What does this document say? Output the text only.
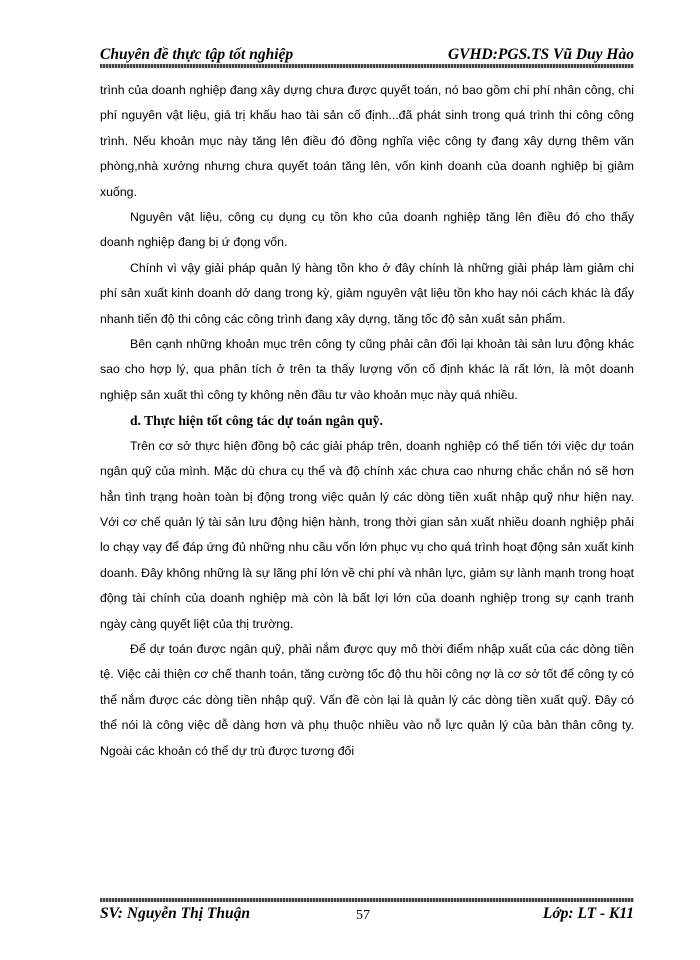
Chuyên đề thực tập tốt nghiệp	GVHD:PGS.TS Vũ Duy Hào

trình của doanh nghiệp đang xây dựng chưa được quyết toán, nó bao gồm chi phí nhân công, chi phí nguyên vật liệu, giá trị khấu hao tài sản cố định...đã phát sinh trong quá trình thi công công trình. Nếu khoản mục này tăng lên điều đó đồng nghĩa việc công ty đang xây dựng thêm văn phòng,nhà xưởng nhưng chưa quyết toán tăng lên, vốn kinh doanh của doanh nghiệp bị giảm xuống.

Nguyên vật liệu, công cụ dụng cụ tồn kho của doanh nghiệp tăng lên điều đó cho thấy doanh nghiệp đang bị ứ đọng vốn.

Chính vì vậy giải pháp quản lý hàng tồn kho ở đây chính là những giải pháp làm giảm chi phí sản xuất kinh doanh dở dang trong kỳ, giảm nguyên vật liệu tồn kho hay nói cách khác là đẩy nhanh tiến độ thi công các công trình đang xây dựng, tăng tốc độ sản xuất sản phẩm.

Bên cạnh những khoản mục trên công ty cũng phải cân đối lại khoản tài sản lưu động khác sao cho hợp lý, qua phân tích ở trên ta thấy lượng vốn cố định khác là rất lớn, là một doanh nghiệp sản xuất thì công ty không nên đầu tư vào khoản mục này quá nhiều.

d. Thực hiện tốt công tác dự toán ngân quỹ.

Trên cơ sở thực hiện đồng bộ các giải pháp trên, doanh nghiệp có thể tiến tới việc dự toán ngân quỹ của mình. Mặc dù chưa cụ thể và độ chính xác chưa cao nhưng chắc chắn nó sẽ hơn hẳn tình trạng hoàn toàn bị động trong việc quản lý các dòng tiền xuất nhập quỹ như hiện nay. Với cơ chế quản lý tài sản lưu động hiện hành, trong thời gian sản xuất nhiều doanh nghiệp phải lo chạy vạy để đáp ứng đủ những nhu cầu vốn lớn phục vụ cho quá trình hoạt động sản xuất kinh doanh. Đây không những là sự lãng phí lớn về chi phí và nhân lực, giảm sự lành mạnh trong hoạt động tài chính của doanh nghiệp mà còn là bất lợi lớn của doanh nghiệp trong sự cạnh tranh ngày càng quyết liệt của thị trường.

Để dự toán được ngân quỹ, phải nắm được quy mô thời điểm nhập xuất của các dòng tiền tệ. Việc cải thiện cơ chế thanh toán, tăng cường tốc độ thu hồi công nợ là cơ sở tốt để công ty có thể nắm được các dòng tiền nhập quỹ. Vấn đề còn lại là quản lý các dòng tiền xuất quỹ. Đây có thể nói là công việc dễ dàng hơn và phụ thuộc nhiều vào nỗ lực quản lý của bản thân công ty. Ngoài các khoản có thể dự trù được tương đối

SV: Nguyễn Thị Thuận	57	Lớp: LT - K11
